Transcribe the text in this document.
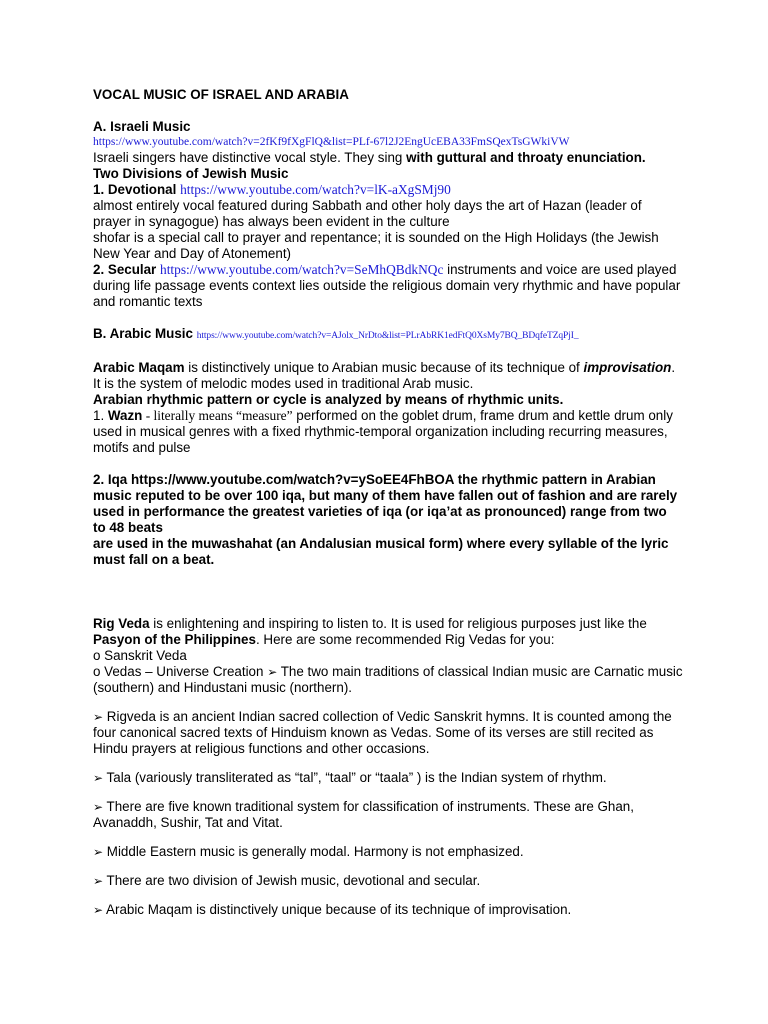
VOCAL MUSIC OF ISRAEL AND ARABIA

A. Israeli Music

https://www.youtube.com/watch?v=2fKf9fXgFlQ&list=PLf-67l2J2EngUcEBA33FmSQexTsGWkiVW

Israeli singers have distinctive vocal style. They sing with guttural and throaty enunciation.

Two Divisions of Jewish Music

1. Devotional https://www.youtube.com/watch?v=lK-aXgSMj90

almost entirely vocal featured during Sabbath and other holy days the art of Hazan (leader of prayer in synagogue) has always been evident in the culture

shofar is a special call to prayer and repentance; it is sounded on the High Holidays (the Jewish New Year and Day of Atonement)

2. Secular https://www.youtube.com/watch?v=SeMhQBdkNQc instruments and voice are used played during life passage events context lies outside the religious domain very rhythmic and have popular and romantic texts

B. Arabic Music https://www.youtube.com/watch?v=AJolx_NrDto&list=PLrAbRK1edFtQ0XsMy7BQ_BDqfeTZqPjI_

Arabic Maqam is distinctively unique to Arabian music because of its technique of improvisation. It is the system of melodic modes used in traditional Arab music.

Arabian rhythmic pattern or cycle is analyzed by means of rhythmic units.

1. Wazn - literally means “measure” performed on the goblet drum, frame drum and kettle drum only used in musical genres with a fixed rhythmic-temporal organization including recurring measures, motifs and pulse

2. Iqa https://www.youtube.com/watch?v=ySoEE4FhBOA the rhythmic pattern in Arabian music reputed to be over 100 iqa, but many of them have fallen out of fashion and are rarely used in performance the greatest varieties of iqa (or iqa’at as pronounced) range from two to 48 beats

are used in the muwashahat (an Andalusian musical form) where every syllable of the lyric must fall on a beat.

Rig Veda is enlightening and inspiring to listen to. It is used for religious purposes just like the Pasyon of the Philippines. Here are some recommended Rig Vedas for you:

o Sanskrit Veda

o Vedas – Universe Creation ➢ The two main traditions of classical Indian music are Carnatic music (southern) and Hindustani music (northern).

➢ Rigveda is an ancient Indian sacred collection of Vedic Sanskrit hymns. It is counted among the four canonical sacred texts of Hinduism known as Vedas. Some of its verses are still recited as Hindu prayers at religious functions and other occasions.

➢ Tala (variously transliterated as “tal”, “taal” or “taala” ) is the Indian system of rhythm.

➢ There are five known traditional system for classification of instruments. These are Ghan, Avanaddh, Sushir, Tat and Vitat.

➢ Middle Eastern music is generally modal. Harmony is not emphasized.

➢ There are two division of Jewish music, devotional and secular.

➢ Arabic Maqam is distinctively unique because of its technique of improvisation.
